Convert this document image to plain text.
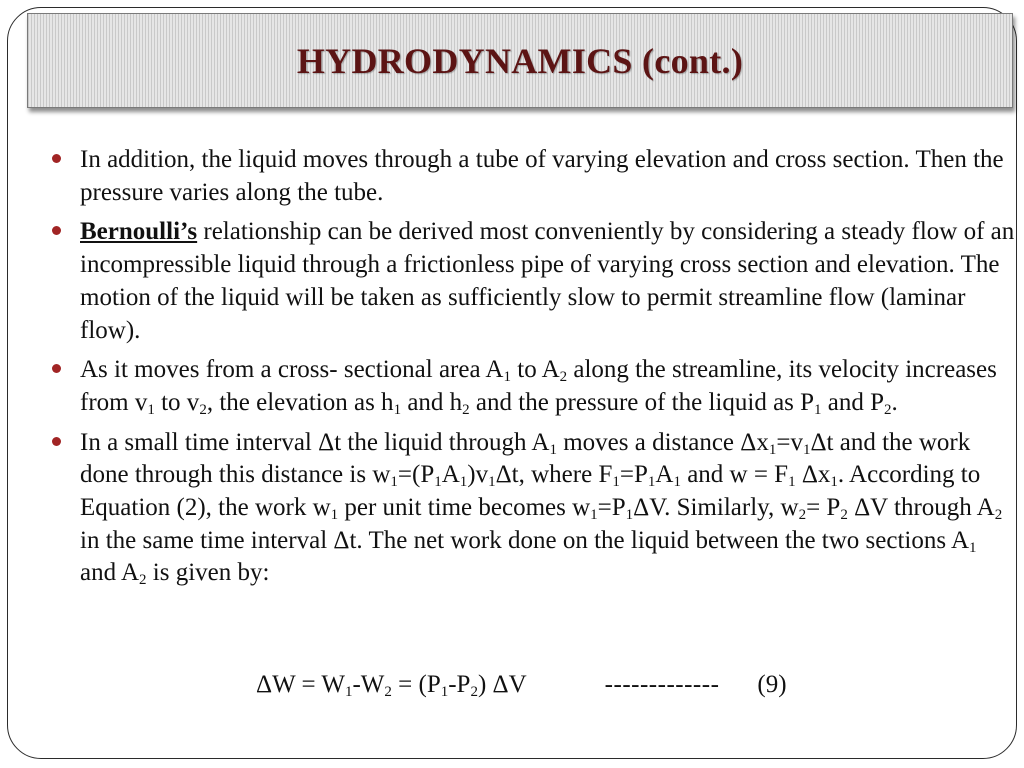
HYDRODYNAMICS (cont.)
In addition, the liquid moves through a tube of varying elevation and cross section. Then the pressure varies along the tube.
Bernoulli’s relationship can be derived most conveniently by considering a steady flow of an incompressible liquid through a frictionless pipe of varying cross section and elevation. The motion of the liquid will be taken as sufficiently slow to permit streamline flow (laminar flow).
As it moves from a cross- sectional area $A_1$ to $A_2$ along the streamline, its velocity increases from $v_1$ to $v_2$, the elevation as $h_1$ and $h_2$ and the pressure of the liquid as $P_1$ and $P_2$.
In a small time interval Δt the liquid through $A_1$ moves a distance $\Delta x_1=v_1\Delta t$ and the work done through this distance is $w_1=(P_1A_1)v_1\Delta t$, where $F_1=P_1A_1$ and $w = F_1$ $\Delta x_1$. According to Equation (2), the work $w_1$ per unit time becomes $w_1=P_1\Delta V$. Similarly, $w_2= P_2$ ΔV through $A_2$ in the same time interval Δt. The net work done on the liquid between the two sections $A_1$ and $A_2$ is given by:
$\Delta W = W_1-W_2 = (P_1-P_2)$ ΔV	------------- (9)
